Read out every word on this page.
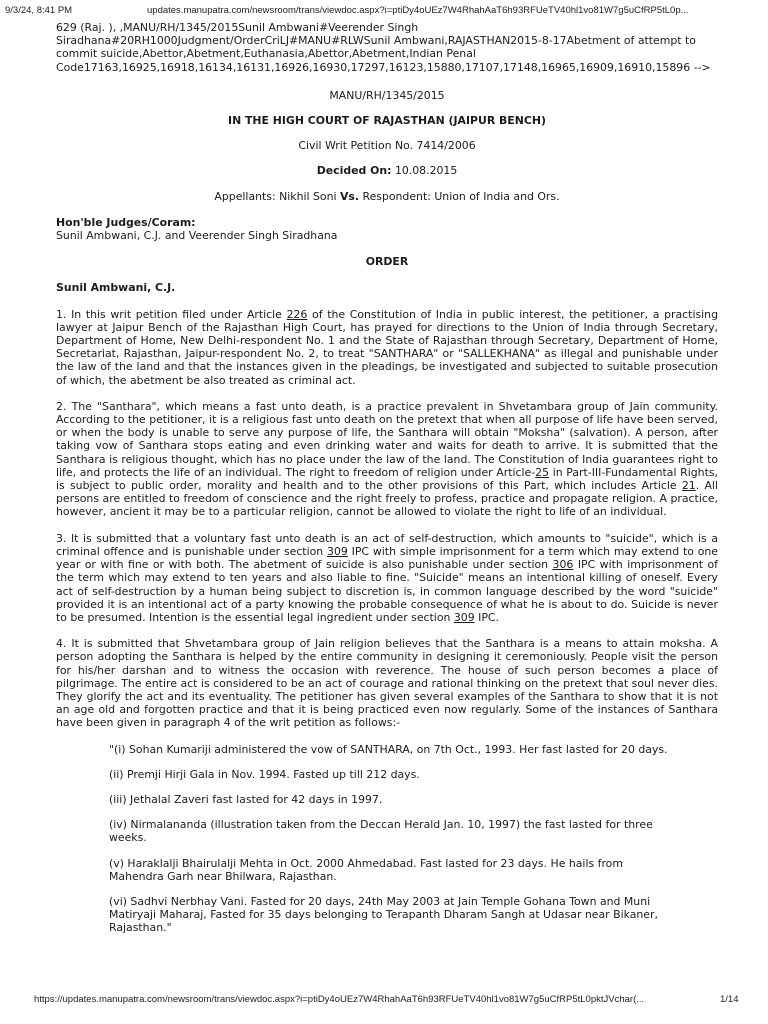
9/3/24, 8:41 PM	updates.manupatra.com/newsroom/trans/viewdoc.aspx?i=ptiDy4oUEz7W4RhahAaT6h93RFUeTV40hl1vo81W7g5uCfRP5tL0p...

629 (Raj. ), ,MANU/RH/1345/2015Sunil Ambwani#Veerender Singh Siradhana#20RH1000Judgment/OrderCriLJ#MANU#RLWSunil Ambwani,RAJASTHAN2015-8-17Abetment of attempt to commit suicide,Abettor,Abetment,Euthanasia,Abettor,Abetment,Indian Penal Code17163,16925,16918,16134,16131,16926,16930,17297,16123,15880,17107,17148,16965,16909,16910,15896 -->

MANU/RH/1345/2015
IN THE HIGH COURT OF RAJASTHAN (JAIPUR BENCH)
Civil Writ Petition No. 7414/2006
Decided On: 10.08.2015
Appellants: Nikhil Soni Vs. Respondent: Union of India and Ors.
Hon'ble Judges/Coram:
Sunil Ambwani, C.J. and Veerender Singh Siradhana
ORDER
Sunil Ambwani, C.J.

1. In this writ petition filed under Article 226 of the Constitution of India in public interest, the petitioner, a practising lawyer at Jaipur Bench of the Rajasthan High Court, has prayed for directions to the Union of India through Secretary, Department of Home, New Delhi-respondent No. 1 and the State of Rajasthan through Secretary, Department of Home, Secretariat, Rajasthan, Jaipur-respondent No. 2, to treat "SANTHARA" or "SALLEKHANA" as illegal and punishable under the law of the land and that the instances given in the pleadings, be investigated and subjected to suitable prosecution of which, the abetment be also treated as criminal act.

2. The "Santhara", which means a fast unto death, is a practice prevalent in Shvetambara group of Jain community. According to the petitioner, it is a religious fast unto death on the pretext that when all purpose of life have been served, or when the body is unable to serve any purpose of life, the Santhara will obtain "Moksha" (salvation). A person, after taking vow of Santhara stops eating and even drinking water and waits for death to arrive. It is submitted that the Santhara is religious thought, which has no place under the law of the land. The Constitution of India guarantees right to life, and protects the life of an individual. The right to freedom of religion under Article-25 in Part-III-Fundamental Rights, is subject to public order, morality and health and to the other provisions of this Part, which includes Article 21. All persons are entitled to freedom of conscience and the right freely to profess, practice and propagate religion. A practice, however, ancient it may be to a particular religion, cannot be allowed to violate the right to life of an individual.

3. It is submitted that a voluntary fast unto death is an act of self-destruction, which amounts to "suicide", which is a criminal offence and is punishable under section 309 IPC with simple imprisonment for a term which may extend to one year or with fine or with both. The abetment of suicide is also punishable under section 306 IPC with imprisonment of the term which may extend to ten years and also liable to fine. "Suicide" means an intentional killing of oneself. Every act of self-destruction by a human being subject to discretion is, in common language described by the word "suicide" provided it is an intentional act of a party knowing the probable consequence of what he is about to do. Suicide is never to be presumed. Intention is the essential legal ingredient under section 309 IPC.

4. It is submitted that Shvetambara group of Jain religion believes that the Santhara is a means to attain moksha. A person adopting the Santhara is helped by the entire community in designing it ceremoniously. People visit the person for his/her darshan and to witness the occasion with reverence. The house of such person becomes a place of pilgrimage. The entire act is considered to be an act of courage and rational thinking on the pretext that soul never dies. They glorify the act and its eventuality. The petitioner has given several examples of the Santhara to show that it is not an age old and forgotten practice and that it is being practiced even now regularly. Some of the instances of Santhara have been given in paragraph 4 of the writ petition as follows:-

"(i) Sohan Kumariji administered the vow of SANTHARA, on 7th Oct., 1993. Her fast lasted for 20 days.

(ii) Premji Hirji Gala in Nov. 1994. Fasted up till 212 days.

(iii) Jethalal Zaveri fast lasted for 42 days in 1997.

(iv) Nirmalananda (illustration taken from the Deccan Herald Jan. 10, 1997) the fast lasted for three weeks.

(v) Haraklalji Bhairulalji Mehta in Oct. 2000 Ahmedabad. Fast lasted for 23 days. He hails from Mahendra Garh near Bhilwara, Rajasthan.

(vi) Sadhvi Nerbhay Vani. Fasted for 20 days, 24th May 2003 at Jain Temple Gohana Town and Muni Matiryaji Maharaj, Fasted for 35 days belonging to Terapanth Dharam Sangh at Udasar near Bikaner, Rajasthan."

https://updates.manupatra.com/newsroom/trans/viewdoc.aspx?i=ptiDy4oUEz7W4RhahAaT6h93RFUeTV40hl1vo81W7g5uCfRP5tL0pktJVchar(...	1/14
